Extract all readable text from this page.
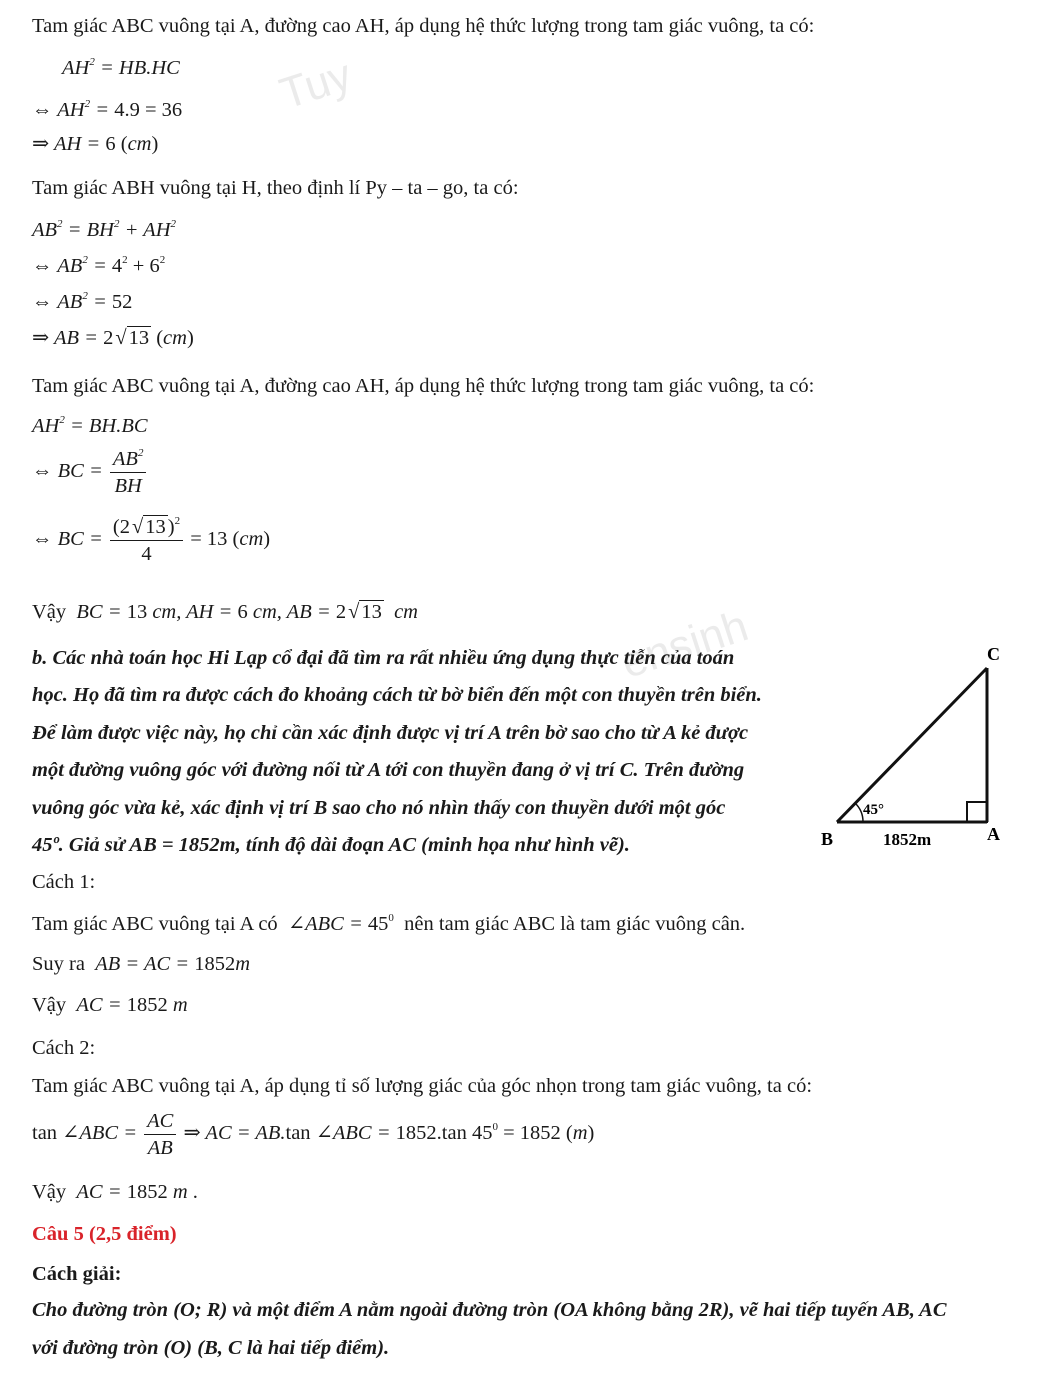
Tuy
ensinh
Tam giác ABC vuông tại A, đường cao AH, áp dụng hệ thức lượng trong tam giác vuông, ta có:
$AH^2 = HB.HC$
⇔ $AH^2 = 4.9 = 36$
⇒ AH = 6 (cm)
Tam giác ABH vuông tại H, theo định lí Py – ta – go, ta có:
$AB^2 = BH^2 + AH^2$
⇔ $AB^2 = 4^2 + 6^2$
⇔ $AB^2 = 52$
⇒ AB = 2√13 (cm)
Tam giác ABC vuông tại A, đường cao AH, áp dụng hệ thức lượng trong tam giác vuông, ta có:
$AH^2 = BH.BC$
⇔ BC = $\frac{AB^2}{BH}$
⇔ BC = $\frac{(2√13)^2}{4} = 13$ (cm)
Vậy  BC = 13 cm, AH = 6 cm, AB = 2√13  cm
b. Các nhà toán học Hi Lạp cổ đại đã tìm ra rất nhiều ứng dụng thực tiễn của toán
học. Họ đã tìm ra được cách đo khoảng cách từ bờ biển đến một con thuyền trên biển.
Để làm được việc này, họ chỉ cần xác định được vị trí A trên bờ sao cho từ A kẻ được
một đường vuông góc với đường nối từ A tới con thuyền đang ở vị trí C. Trên đường
vuông góc vừa kẻ, xác định vị trí B sao cho nó nhìn thấy con thuyền dưới một góc
45º. Giả sử AB = 1852m, tính độ dài đoạn AC (minh họa như hình vẽ).
C
B	A
45°
1852m
Cách 1:
Tam giác ABC vuông tại A có  ∠ABC = $45^0$ nên tam giác ABC là tam giác vuông cân.
Suy ra  AB = AC = 1852m
Vậy  AC = 1852 m
Cách 2:
Tam giác ABC vuông tại A, áp dụng tỉ số lượng giác của góc nhọn trong tam giác vuông, ta có:
tan ∠ABC = $\frac{AC}{AB}$ ⇒ AC = AB.tan ∠ABC = 1852.tan $45^0 = 1852$ (m)
Vậy  AC = 1852 m .
Câu 5 (2,5 điểm)
Cách giải:
Cho đường tròn (O; R) và một điểm A nằm ngoài đường tròn (OA không bằng 2R), vẽ hai tiếp tuyến AB, AC
với đường tròn (O) (B, C là hai tiếp điểm).
